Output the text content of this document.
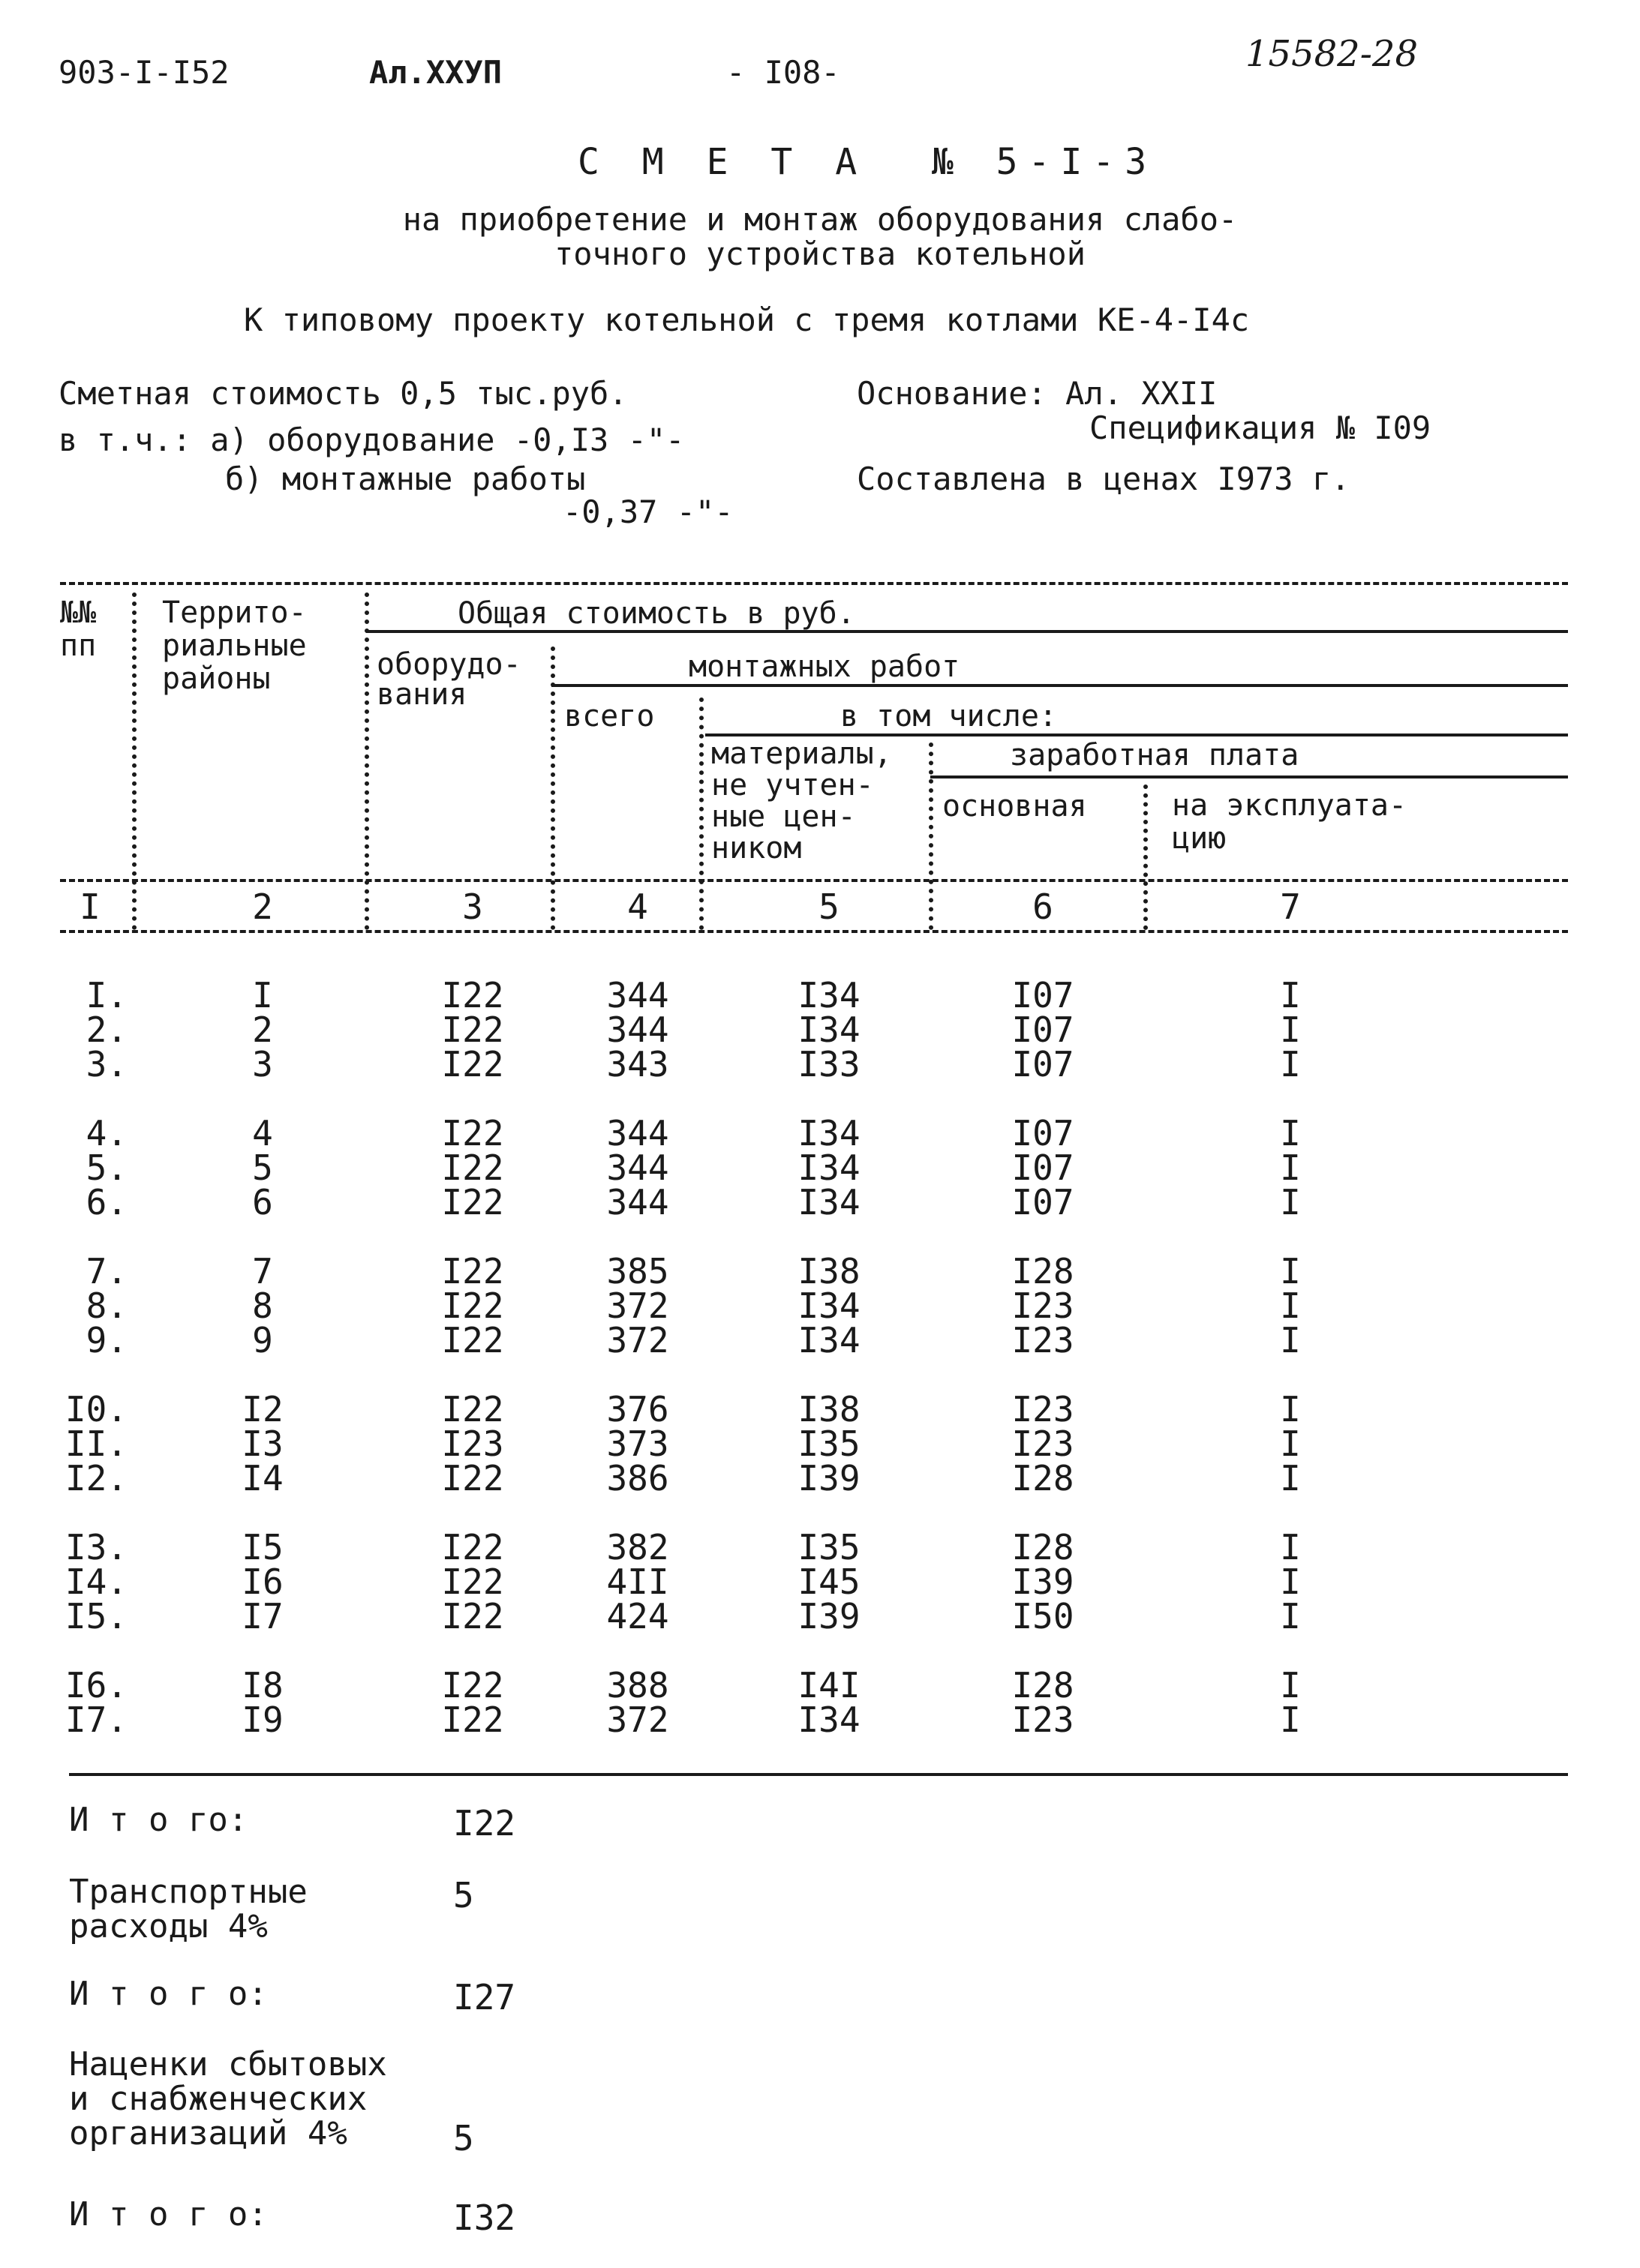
903-I-I52	Ал.XXУП	- I08-	15582-28
С М Е Т А  № 5-I-3
на приобретение и монтаж оборудования слабо-
точного устройства котельной
К типовому проекту котельной с тремя котлами КЕ-4-I4с
Сметная стоимость 0,5 тыс.руб.
в т.ч.: а) оборудование -0,I3 -"-
б) монтажные работы
-0,37 -"-
Основание: Ал. XXII
Спецификация № I09
Составлена в ценах I973 г.
№№
пп
Террито-
риальные
районы
Общая стоимость в руб.
оборудо-
вания
монтажных работ
всего	в том числе:
материалы,
не учтен-
ные цен-
ником
заработная плата
основная	на эксплуата-
цию
I	2	3	4	5	6	7
I.	I	I22	344	I34	I07	I
2.	2	I22	344	I34	I07	I
3.	3	I22	343	I33	I07	I
4.	4	I22	344	I34	I07	I
5.	5	I22	344	I34	I07	I
6.	6	I22	344	I34	I07	I
7.	7	I22	385	I38	I28	I
8.	8	I22	372	I34	I23	I
9.	9	I22	372	I34	I23	I
I0.	I2	I22	376	I38	I23	I
II.	I3	I23	373	I35	I23	I
I2.	I4	I22	386	I39	I28	I
I3.	I5	I22	382	I35	I28	I
I4.	I6	I22	4II	I45	I39	I
I5.	I7	I22	424	I39	I50	I
I6.	I8	I22	388	I4I	I28	I
I7.	I9	I22	372	I34	I23	I
И т о го:	I22
Транспортные
расходы 4%
5
И т о г о:	I27
Наценки сбытовых
и снабженческих
организаций 4%	5
И т о г о:	I32
